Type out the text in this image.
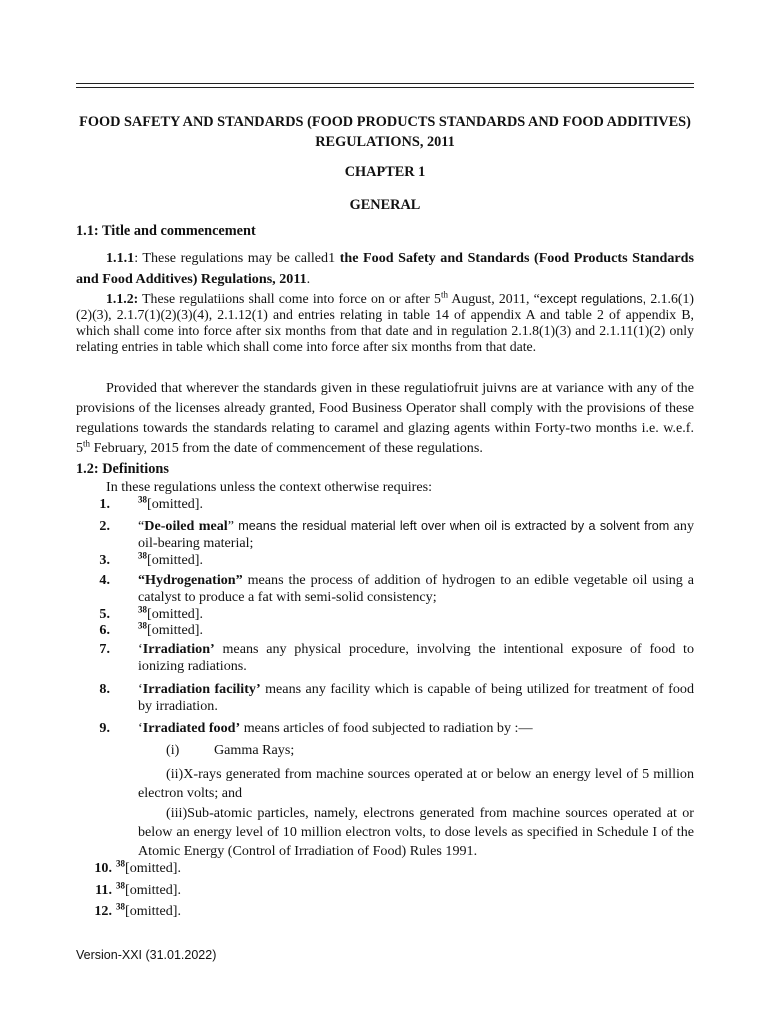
FOOD SAFETY AND STANDARDS (FOOD PRODUCTS STANDARDS AND FOOD ADDITIVES) REGULATIONS, 2011
CHAPTER 1
GENERAL
1.1: Title and commencement
1.1.1: These regulations may be called1 the Food Safety and Standards (Food Products Standards and Food Additives) Regulations, 2011.
1.1.2: These regulatiions shall come into force on or after 5th August, 2011, “except regulations, 2.1.6(1)(2)(3), 2.1.7(1)(2)(3)(4), 2.1.12(1) and entries relating in table 14 of appendix A and table 2 of appendix B, which shall come into force after six months from that date and in regulation 2.1.8(1)(3) and 2.1.11(1)(2) only relating entries in table which shall come into force after six months from that date.
Provided that wherever the standards given in these regulatiofruit juivns are at variance with any of the provisions of the licenses already granted, Food Business Operator shall comply with the provisions of these regulations towards the standards relating to caramel and glazing agents within Forty-two months i.e. w.e.f. 5th February, 2015 from the date of commencement of these regulations.
1.2: Definitions
In these regulations unless the context otherwise requires:
1.	$^{38}$[omitted].
2. “De-oiled meal” means the residual material left over when oil is extracted by a solvent from any oil-bearing material;
3.	$^{38}$[omitted].
4. “Hydrogenation” means the process of addition of hydrogen to an edible vegetable oil using a catalyst to produce a fat with semi-solid consistency;
5.	$^{38}$[omitted].
6.	$^{38}$[omitted].
7. ‘Irradiation’ means any physical procedure, involving the intentional exposure of food to ionizing radiations.
8. ‘Irradiation facility’ means any facility which is capable of being utilized for treatment of food by irradiation.
9. ‘Irradiated food’ means articles of food subjected to radiation by :—
(i) Gamma Rays;
(ii)X-rays generated from machine sources operated at or below an energy level of 5 million electron volts; and
(iii)Sub-atomic particles, namely, electrons generated from machine sources operated at or below an energy level of 10 million electron volts, to dose levels as specified in Schedule I of the Atomic Energy (Control of Irradiation of Food) Rules 1991.
10. $^{38}$[omitted].
11. $^{38}$[omitted].
12. $^{38}$[omitted].
Version-XXI (31.01.2022)
